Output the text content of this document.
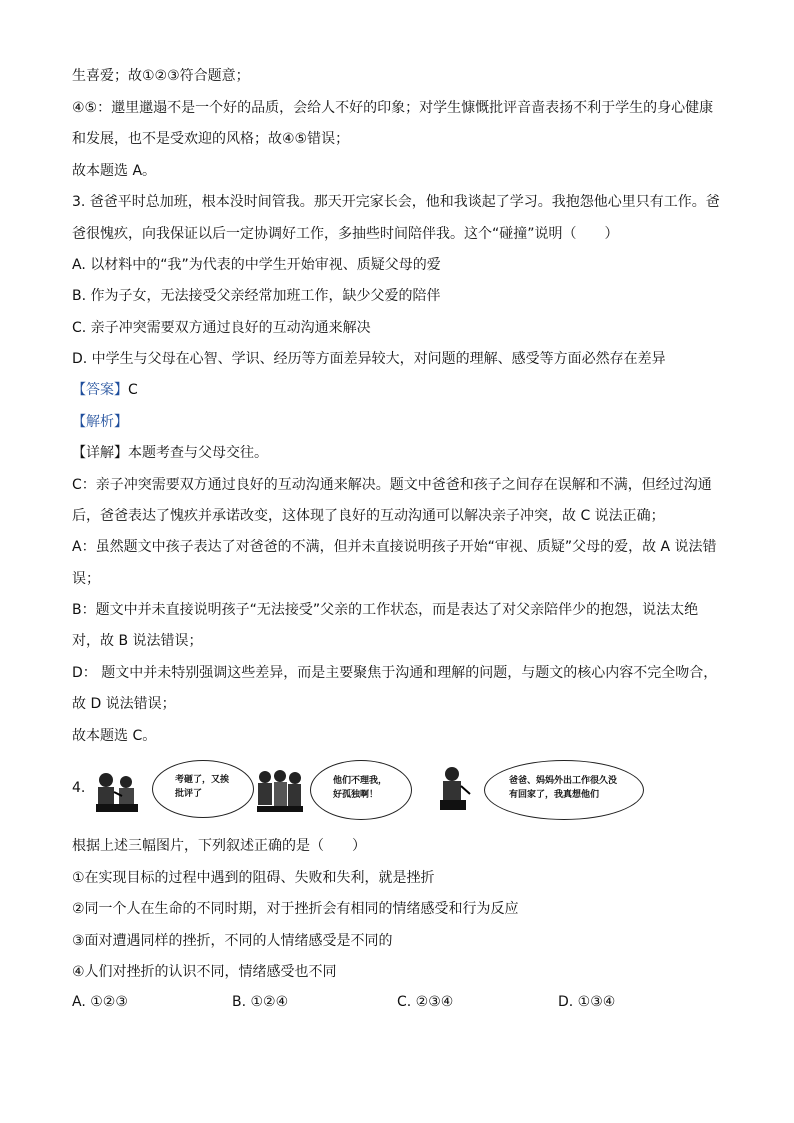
生喜爱；故①②③符合题意；
④⑤：邋里邋遢不是一个好的品质，会给人不好的印象；对学生慷慨批评音啬表扬不利于学生的身心健康
和发展，也不是受欢迎的风格；故④⑤错误；
故本题选 A。
3. 爸爸平时总加班，根本没时间管我。那天开完家长会，他和我谈起了学习。我抱怨他心里只有工作。爸
爸很愧疚，向我保证以后一定协调好工作，多抽些时间陪伴我。这个“碰撞”说明（　　）
A. 以材料中的“我”为代表的中学生开始审视、质疑父母的爱
B. 作为子女，无法接受父亲经常加班工作，缺少父爱的陪伴
C. 亲子冲突需要双方通过良好的互动沟通来解决
D. 中学生与父母在心智、学识、经历等方面差异较大，对问题的理解、感受等方面必然存在差异
【答案】C
【解析】
【详解】本题考查与父母交往。
C：亲子冲突需要双方通过良好的互动沟通来解决。题文中爸爸和孩子之间存在误解和不满，但经过沟通
后，爸爸表达了愧疚并承诺改变，这体现了良好的互动沟通可以解决亲子冲突，故 C 说法正确；
A：虽然题文中孩子表达了对爸爸的不满，但并未直接说明孩子开始“审视、质疑”父母的爱，故 A 说法错
误；
B：题文中并未直接说明孩子“无法接受”父亲的工作状态，而是表达了对父亲陪伴少的抱怨，说法太绝
对，故 B 说法错误；
D： 题文中并未特别强调这些差异，而是主要聚焦于沟通和理解的问题，与题文的核心内容不完全吻合，
故 D 说法错误；
故本题选 C。
4.	考砸了，又挨批评了
他们不理我，好孤独啊！
爸爸、妈妈外出工作很久没有回家了，我真想他们
根据上述三幅图片，下列叙述正确的是（　　）
①在实现目标的过程中遇到的阻碍、失败和失利，就是挫折
②同一个人在生命的不同时期，对于挫折会有相同的情绪感受和行为反应
③面对遭遇同样的挫折，不同的人情绪感受是不同的
④人们对挫折的认识不同，情绪感受也不同
A. ①②③	B. ①②④	C. ②③④	D. ①③④
